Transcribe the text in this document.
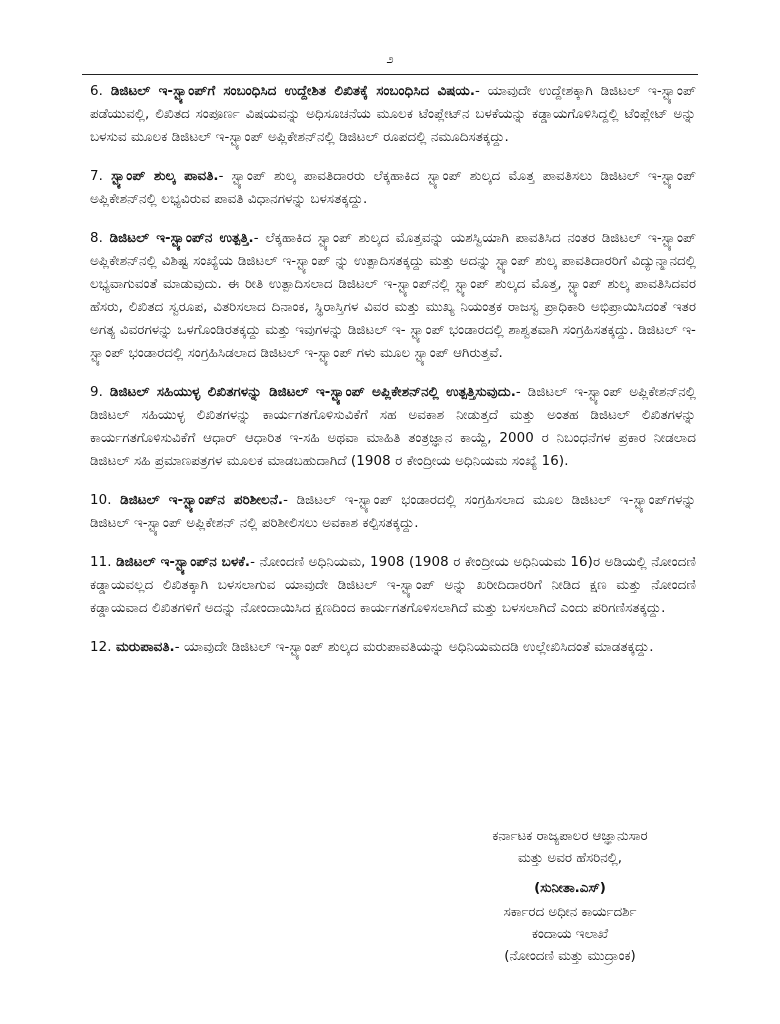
೨

6. ಡಿಜಿಟಲ್ ಇ-ಸ್ಟ್ಯಾಂಪ್‌ಗೆ ಸಂಬಂಧಿಸಿದ ಉದ್ದೇಶಿತ ಲಿಖಿತಕ್ಕೆ ಸಂಬಂಧಿಸಿದ ವಿಷಯ.- ಯಾವುದೇ ಉದ್ದೇಶಕ್ಕಾಗಿ ಡಿಜಿಟಲ್ ಇ-ಸ್ಟ್ಯಾಂಪ್ ಪಡೆಯುವಲ್ಲಿ, ಲಿಖಿತದ ಸಂಪೂರ್ಣ ವಿಷಯವನ್ನು ಅಧಿಸೂಚನೆಯ ಮೂಲಕ ಟೆಂಪ್ಲೇಟ್‌ನ ಬಳಕೆಯನ್ನು ಕಡ್ಡಾಯಗೊಳಿಸಿದ್ದಲ್ಲಿ ಟೆಂಪ್ಲೇಟ್ ಅನ್ನು ಬಳಸುವ ಮೂಲಕ ಡಿಜಿಟಲ್ ಇ-ಸ್ಟ್ಯಾಂಪ್ ಅಪ್ಲಿಕೇಶನ್‌ನಲ್ಲಿ ಡಿಜಿಟಲ್ ರೂಪದಲ್ಲಿ ನಮೂದಿಸತಕ್ಕದ್ದು.

7. ಸ್ಟ್ಯಾಂಪ್ ಶುಲ್ಕ ಪಾವತಿ.- ಸ್ಟ್ಯಾಂಪ್ ಶುಲ್ಕ ಪಾವತಿದಾರರು ಲೆಕ್ಕಹಾಕಿದ ಸ್ಟ್ಯಾಂಪ್ ಶುಲ್ಕದ ಮೊತ್ತ ಪಾವತಿಸಲು ಡಿಜಿಟಲ್ ಇ-ಸ್ಟ್ಯಾಂಪ್ ಅಪ್ಲಿಕೇಶನ್‌ನಲ್ಲಿ ಲಭ್ಯವಿರುವ ಪಾವತಿ ವಿಧಾನಗಳನ್ನು ಬಳಸತಕ್ಕದ್ದು.

8. ಡಿಜಿಟಲ್ ಇ-ಸ್ಟ್ಯಾಂಪ್‌ನ ಉತ್ಪತ್ತಿ.- ಲೆಕ್ಕಹಾಕಿದ ಸ್ಟ್ಯಾಂಪ್ ಶುಲ್ಕದ ಮೊತ್ತವನ್ನು ಯಶಸ್ವಿಯಾಗಿ ಪಾವತಿಸಿದ ನಂತರ ಡಿಜಿಟಲ್ ಇ-ಸ್ಟ್ಯಾಂಪ್ ಅಪ್ಲಿಕೇಶನ್‌ನಲ್ಲಿ ವಿಶಿಷ್ಟ ಸಂಖ್ಯೆಯ ಡಿಜಿಟಲ್ ಇ-ಸ್ಟ್ಯಾಂಪ್ ನ್ನು ಉತ್ಪಾದಿಸತಕ್ಕದ್ದು ಮತ್ತು ಅದನ್ನು ಸ್ಟ್ಯಾಂಪ್ ಶುಲ್ಕ ಪಾವತಿದಾರರಿಗೆ ವಿದ್ಯುನ್ಮಾನದಲ್ಲಿ ಲಭ್ಯವಾಗುವಂತೆ ಮಾಡುವುದು. ಈ ರೀತಿ ಉತ್ಪಾದಿಸಲಾದ ಡಿಜಿಟಲ್ ಇ-ಸ್ಟ್ಯಾಂಪ್‌ನಲ್ಲಿ ಸ್ಟ್ಯಾಂಪ್ ಶುಲ್ಕದ ಮೊತ್ತ, ಸ್ಟ್ಯಾಂಪ್ ಶುಲ್ಕ ಪಾವತಿಸಿದವರ ಹೆಸರು, ಲಿಖಿತದ ಸ್ವರೂಪ, ವಿತರಿಸಲಾದ ದಿನಾಂಕ, ಸ್ಥಿರಾಸ್ತಿಗಳ ವಿವರ ಮತ್ತು ಮುಖ್ಯ ನಿಯಂತ್ರಕ ರಾಜಸ್ವ ಪ್ರಾಧಿಕಾರಿ ಅಭಿಪ್ರಾಯಿಸಿದಂತೆ ಇತರ ಅಗತ್ಯ ವಿವರಗಳನ್ನು ಒಳಗೊಂಡಿರತಕ್ಕದ್ದು ಮತ್ತು ಇವುಗಳನ್ನು ಡಿಜಿಟಲ್ ಇ- ಸ್ಟ್ಯಾಂಪ್ ಭಂಡಾರದಲ್ಲಿ ಶಾಶ್ವತವಾಗಿ ಸಂಗ್ರಹಿಸತಕ್ಕದ್ದು. ಡಿಜಿಟಲ್ ಇ-ಸ್ಟ್ಯಾಂಪ್ ಭಂಡಾರದಲ್ಲಿ ಸಂಗ್ರಹಿಸಿಡಲಾದ ಡಿಜಿಟಲ್ ಇ-ಸ್ಟ್ಯಾಂಪ್ ಗಳು ಮೂಲ ಸ್ಟ್ಯಾಂಪ್ ಆಗಿರುತ್ತವೆ.

9. ಡಿಜಿಟಲ್ ಸಹಿಯುಳ್ಳ ಲಿಖಿತಗಳನ್ನು ಡಿಜಿಟಲ್ ಇ-ಸ್ಟ್ಯಾಂಪ್ ಅಪ್ಲಿಕೇಶನ್‌ನಲ್ಲಿ ಉತ್ಪತ್ತಿಸುವುದು.- ಡಿಜಿಟಲ್ ಇ-ಸ್ಟ್ಯಾಂಪ್ ಅಪ್ಲಿಕೇಶನ್‌ನಲ್ಲಿ ಡಿಜಿಟಲ್ ಸಹಿಯುಳ್ಳ ಲಿಖಿತಗಳನ್ನು ಕಾರ್ಯಗತಗೊಳಿಸುವಿಕೆಗೆ ಸಹ ಅವಕಾಶ ನೀಡುತ್ತದೆ ಮತ್ತು ಅಂತಹ ಡಿಜಿಟಲ್ ಲಿಖಿತಗಳನ್ನು ಕಾರ್ಯಗತಗೊಳಿಸುವಿಕೆಗೆ ಆಧಾರ್ ಆಧಾರಿತ ಇ-ಸಹಿ ಅಥವಾ ಮಾಹಿತಿ ತಂತ್ರಜ್ಞಾನ ಕಾಯ್ದೆ, 2000 ರ ನಿಬಂಧನೆಗಳ ಪ್ರಕಾರ ನೀಡಲಾದ ಡಿಜಿಟಲ್ ಸಹಿ ಪ್ರಮಾಣಪತ್ರಗಳ ಮೂಲಕ ಮಾಡಬಹುದಾಗಿದೆ (1908 ರ ಕೇಂದ್ರೀಯ ಅಧಿನಿಯಮ ಸಂಖ್ಯೆ 16).

10. ಡಿಜಿಟಲ್ ಇ-ಸ್ಟ್ಯಾಂಪ್‌ನ ಪರಿಶೀಲನೆ.- ಡಿಜಿಟಲ್ ಇ-ಸ್ಟ್ಯಾಂಪ್ ಭಂಡಾರದಲ್ಲಿ ಸಂಗ್ರಹಿಸಲಾದ ಮೂಲ ಡಿಜಿಟಲ್ ಇ-ಸ್ಟ್ಯಾಂಪ್‌ಗಳನ್ನು ಡಿಜಿಟಲ್ ಇ-ಸ್ಟ್ಯಾಂಪ್ ಅಪ್ಲಿಕೇಶನ್ ನಲ್ಲಿ ಪರಿಶೀಲಿಸಲು ಅವಕಾಶ ಕಲ್ಪಿಸತಕ್ಕದ್ದು.

11. ಡಿಜಿಟಲ್ ಇ-ಸ್ಟ್ಯಾಂಪ್‌ನ ಬಳಕೆ.- ನೋಂದಣಿ ಅಧಿನಿಯಮ, 1908 (1908 ರ ಕೇಂದ್ರೀಯ ಅಧಿನಿಯಮ 16)ರ ಅಡಿಯಲ್ಲಿ ನೋಂದಣಿ ಕಡ್ಡಾಯವಲ್ಲದ ಲಿಖಿತಕ್ಕಾಗಿ ಬಳಸಲಾಗುವ ಯಾವುದೇ ಡಿಜಿಟಲ್ ಇ-ಸ್ಟ್ಯಾಂಪ್ ಅನ್ನು ಖರೀದಿದಾರರಿಗೆ ನೀಡಿದ ಕ್ಷಣ ಮತ್ತು ನೋಂದಣಿ ಕಡ್ಡಾಯವಾದ ಲಿಖಿತಗಳಿಗೆ ಅದನ್ನು ನೋಂದಾಯಿಸಿದ ಕ್ಷಣದಿಂದ ಕಾರ್ಯಗತಗೊಳಿಸಲಾಗಿದೆ ಮತ್ತು ಬಳಸಲಾಗಿದೆ ಎಂದು ಪರಿಗಣಿಸತಕ್ಕದ್ದು.

12. ಮರುಪಾವತಿ.- ಯಾವುದೇ ಡಿಜಿಟಲ್ ಇ-ಸ್ಟ್ಯಾಂಪ್ ಶುಲ್ಕದ ಮರುಪಾವತಿಯನ್ನು ಅಧಿನಿಯಮದಡಿ ಉಲ್ಲೇಖಿಸಿದಂತೆ ಮಾಡತಕ್ಕದ್ದು.

ಕರ್ನಾಟಕ ರಾಜ್ಯಪಾಲರ ಆಜ್ಞಾನುಸಾರ
ಮತ್ತು ಅವರ ಹೆಸರಿನಲ್ಲಿ,
(ಸುನೀತಾ.ಎಸ್)
ಸರ್ಕಾರದ ಅಧೀನ ಕಾರ್ಯದರ್ಶಿ
ಕಂದಾಯ ಇಲಾಖೆ
(ನೋಂದಣಿ ಮತ್ತು ಮುದ್ರಾಂಕ)
